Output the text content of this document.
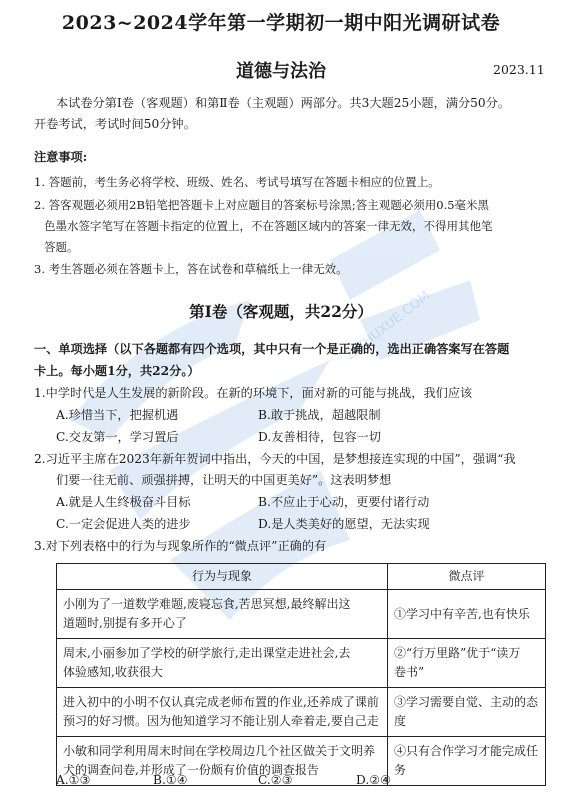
ZIZHUXUE.COM
2023~2024学年第一学期初一期中阳光调研试卷
道德与法治	2023.11
本试卷分第Ⅰ卷（客观题）和第Ⅱ卷（主观题）两部分。共3大题25小题，满分50分。
开卷考试，考试时间50分钟。
注意事项:
1. 答题前，考生务必将学校、班级、姓名、考试号填写在答题卡相应的位置上。
2. 答客观题必须用2B铅笔把答题卡上对应题目的答案标号涂黑;答主观题必须用0.5毫米黑
色墨水签字笔写在答题卡指定的位置上，不在答题区域内的答案一律无效，不得用其他笔
答题。
3. 考生答题必须在答题卡上，答在试卷和草稿纸上一律无效。
第Ⅰ卷（客观题，共22分）
一、单项选择（以下各题都有四个选项，其中只有一个是正确的，选出正确答案写在答题
卡上。每小题1分，共22分。）
1.中学时代是人生发展的新阶段。在新的环境下，面对新的可能与挑战，我们应该
A.珍惜当下，把握机遇	B.敢于挑战，超越限制
C.交友第一，学习置后	D.友善相待，包容一切
2.习近平主席在2023年新年贺词中指出，今天的中国，是梦想接连实现的中国”，强调“我
们要一往无前、顽强拼搏，让明天的中国更美好”。这表明梦想
A.就是人生终极奋斗目标	B.不应止于心动，更要付诸行动
C.一定会促进人类的进步	D.是人类美好的愿望，无法实现
3.对下列表格中的行为与现象所作的“微点评”正确的有
行为与现象	微点评
小刚为了一道数学难题,废寝忘食,苦思冥想,最终解出这
道题时,别提有多开心了	①学习中有辛苦,也有快乐
周末,小丽参加了学校的研学旅行,走出课堂走进社会,去
体验感知,收获很大	②“行万里路”优于“读万
卷书”
进入初中的小明不仅认真完成老师布置的作业,还养成了课前
预习的好习惯。因为他知道学习不能让别人牵着走,要自己走	③学习需要自觉、主动的态
度
小敏和同学利用周末时间在学校周边几个社区做关于文明养
犬的调查问卷,并形成了一份颇有价值的调查报告	④只有合作学习才能完成任
务
A.①③	B.①④	C.②③	D.②④
